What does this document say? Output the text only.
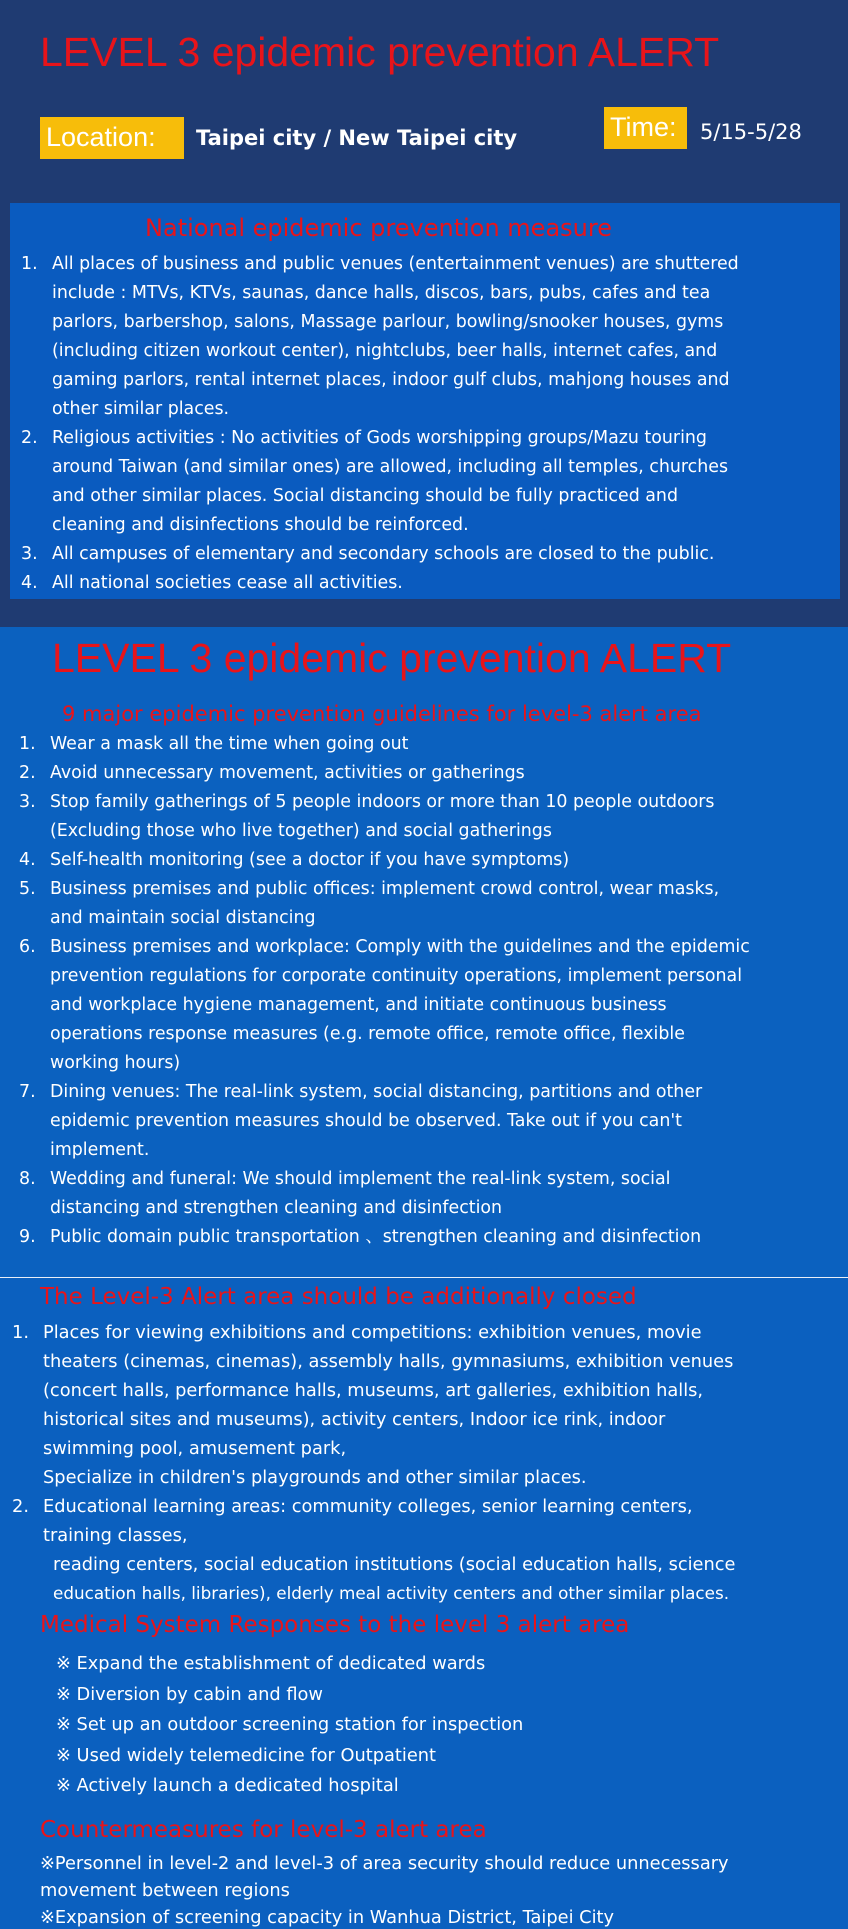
LEVEL 3 epidemic prevention ALERT
Location:	Taipei city / New Taipei city	Time:	5/15-5/28
National epidemic prevention measure
1. All places of business and public venues (entertainment venues) are shuttered
include : MTVs, KTVs, saunas, dance halls, discos, bars, pubs, cafes and tea
parlors, barbershop, salons, Massage parlour, bowling/snooker houses, gyms
(including citizen workout center), nightclubs, beer halls, internet cafes, and
gaming parlors, rental internet places, indoor gulf clubs, mahjong houses and
other similar places.
2. Religious activities : No activities of Gods worshipping groups/Mazu touring
around Taiwan (and similar ones) are allowed, including all temples, churches
and other similar places. Social distancing should be fully practiced and
cleaning and disinfections should be reinforced.
3. All campuses of elementary and secondary schools are closed to the public.
4. All national societies cease all activities.
LEVEL 3 epidemic prevention ALERT
9 major epidemic prevention guidelines for level-3 alert area
1. Wear a mask all the time when going out
2. Avoid unnecessary movement, activities or gatherings
3. Stop family gatherings of 5 people indoors or more than 10 people outdoors
(Excluding those who live together) and social gatherings
4. Self-health monitoring (see a doctor if you have symptoms)
5. Business premises and public offices: implement crowd control, wear masks,
and maintain social distancing
6. Business premises and workplace: Comply with the guidelines and the epidemic
prevention regulations for corporate continuity operations, implement personal
and workplace hygiene management, and initiate continuous business
operations response measures (e.g. remote office, remote office, flexible
working hours)
7. Dining venues: The real-link system, social distancing, partitions and other
epidemic prevention measures should be observed. Take out if you can't
implement.
8. Wedding and funeral: We should implement the real-link system, social
distancing and strengthen cleaning and disinfection
9. Public domain public transportation 、strengthen cleaning and disinfection
The Level-3 Alert area should be additionally closed
1. Places for viewing exhibitions and competitions: exhibition venues, movie
theaters (cinemas, cinemas), assembly halls, gymnasiums, exhibition venues
(concert halls, performance halls, museums, art galleries, exhibition halls,
historical sites and museums), activity centers, Indoor ice rink, indoor
swimming pool, amusement park,
Specialize in children's playgrounds and other similar places.
2. Educational learning areas: community colleges, senior learning centers,
training classes,
reading centers, social education institutions (social education halls, science
education halls, libraries), elderly meal activity centers and other similar places.
Medical System Responses to the level 3 alert area
※ Expand the establishment of dedicated wards
※ Diversion by cabin and flow
※ Set up an outdoor screening station for inspection
※ Used widely telemedicine for Outpatient
※ Actively launch a dedicated hospital
Countermeasures for level-3 alert area
※Personnel in level-2 and level-3 of area security should reduce unnecessary
movement between regions
※Expansion of screening capacity in Wanhua District, Taipei City
